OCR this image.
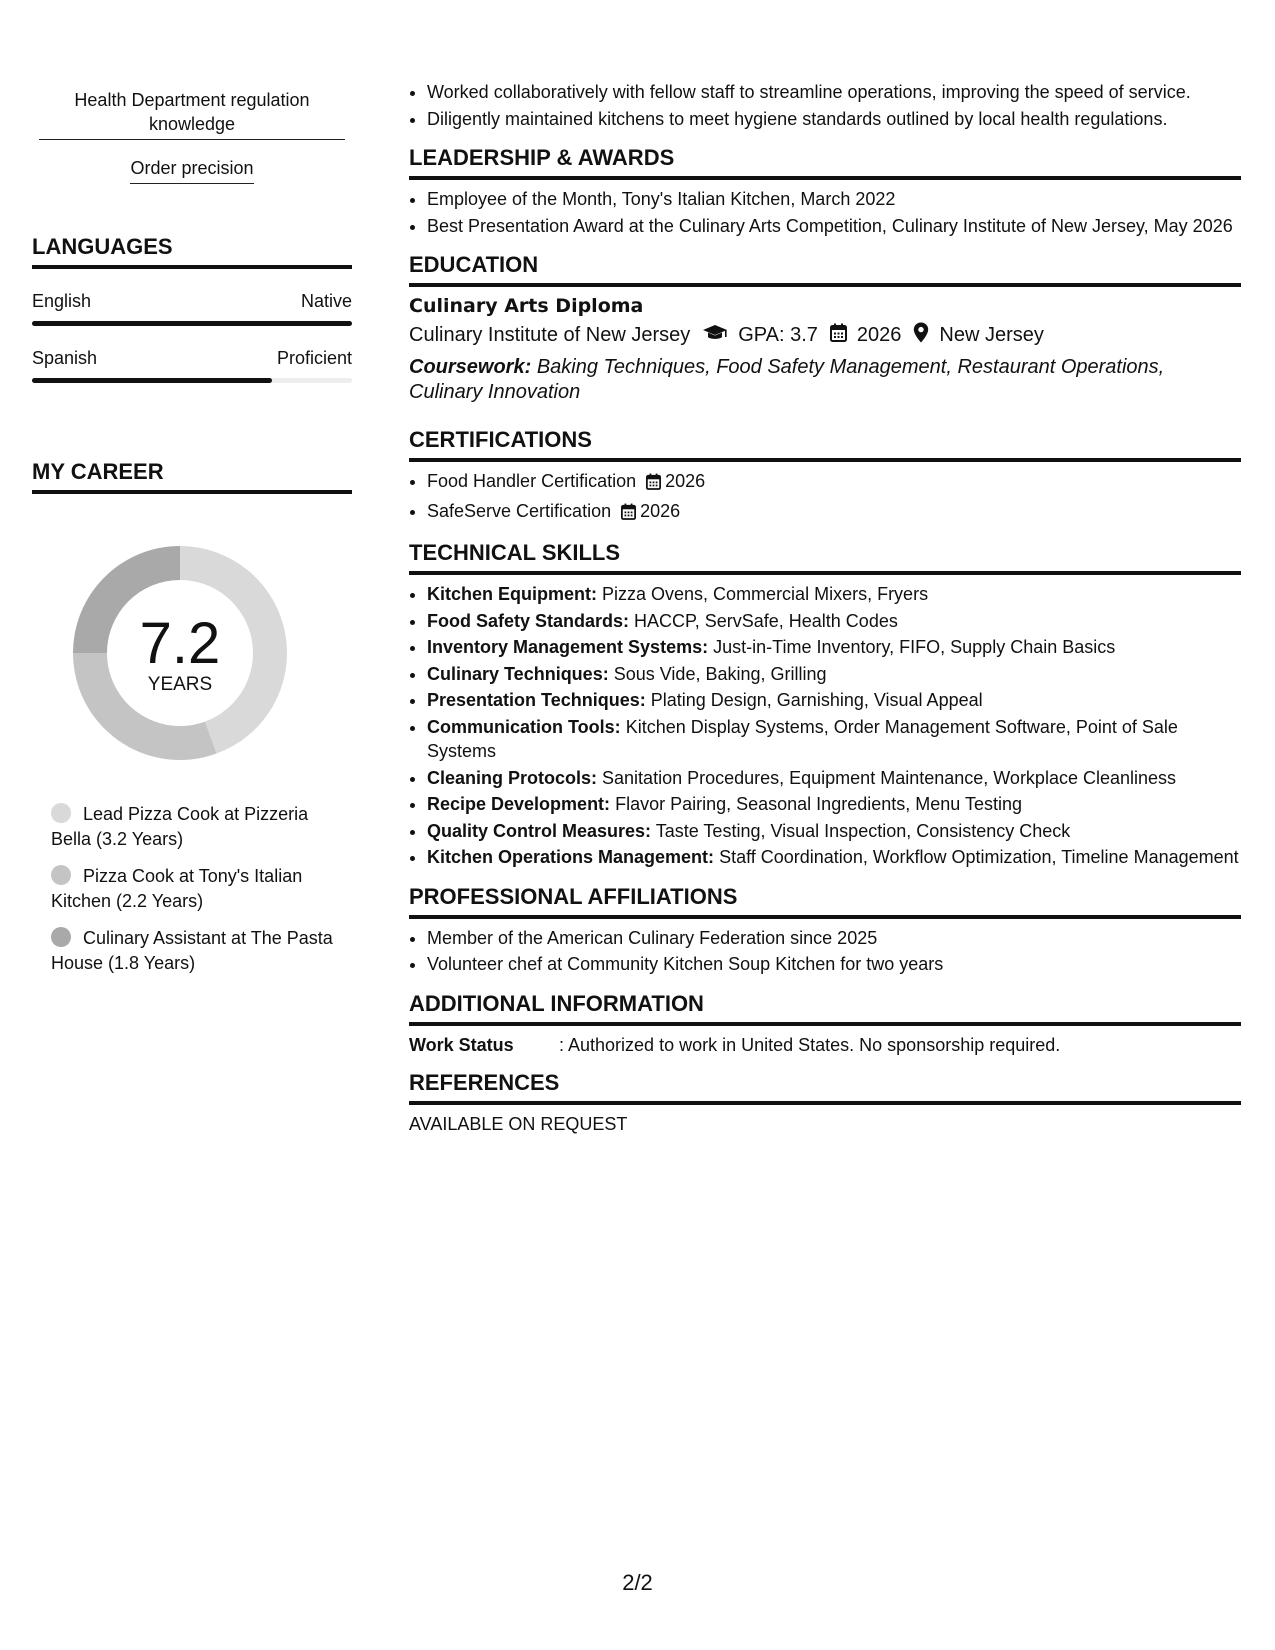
Health Department regulation knowledge
Order precision
LANGUAGES
English	Native
Spanish	Proficient
MY CAREER
7.2
YEARS
Lead Pizza Cook at Pizzeria Bella (3.2 Years)
Pizza Cook at Tony's Italian Kitchen (2.2 Years)
Culinary Assistant at The Pasta House (1.8 Years)
• Worked collaboratively with fellow staff to streamline operations, improving the speed of service.
• Diligently maintained kitchens to meet hygiene standards outlined by local health regulations.
LEADERSHIP & AWARDS
• Employee of the Month, Tony's Italian Kitchen, March 2022
• Best Presentation Award at the Culinary Arts Competition, Culinary Institute of New Jersey, May 2026
EDUCATION
Culinary Arts Diploma
Culinary Institute of New Jersey GPA: 3.7 2026 New Jersey
Coursework: Baking Techniques, Food Safety Management, Restaurant Operations, Culinary Innovation
CERTIFICATIONS
• Food Handler Certification 2026
• SafeServe Certification 2026
TECHNICAL SKILLS
• Kitchen Equipment: Pizza Ovens, Commercial Mixers, Fryers
• Food Safety Standards: HACCP, ServSafe, Health Codes
• Inventory Management Systems: Just-in-Time Inventory, FIFO, Supply Chain Basics
• Culinary Techniques: Sous Vide, Baking, Grilling
• Presentation Techniques: Plating Design, Garnishing, Visual Appeal
• Communication Tools: Kitchen Display Systems, Order Management Software, Point of Sale Systems
• Cleaning Protocols: Sanitation Procedures, Equipment Maintenance, Workplace Cleanliness
• Recipe Development: Flavor Pairing, Seasonal Ingredients, Menu Testing
• Quality Control Measures: Taste Testing, Visual Inspection, Consistency Check
• Kitchen Operations Management: Staff Coordination, Workflow Optimization, Timeline Management
PROFESSIONAL AFFILIATIONS
• Member of the American Culinary Federation since 2025
• Volunteer chef at Community Kitchen Soup Kitchen for two years
ADDITIONAL INFORMATION
Work Status	: Authorized to work in United States. No sponsorship required.
REFERENCES
AVAILABLE ON REQUEST
2/2
